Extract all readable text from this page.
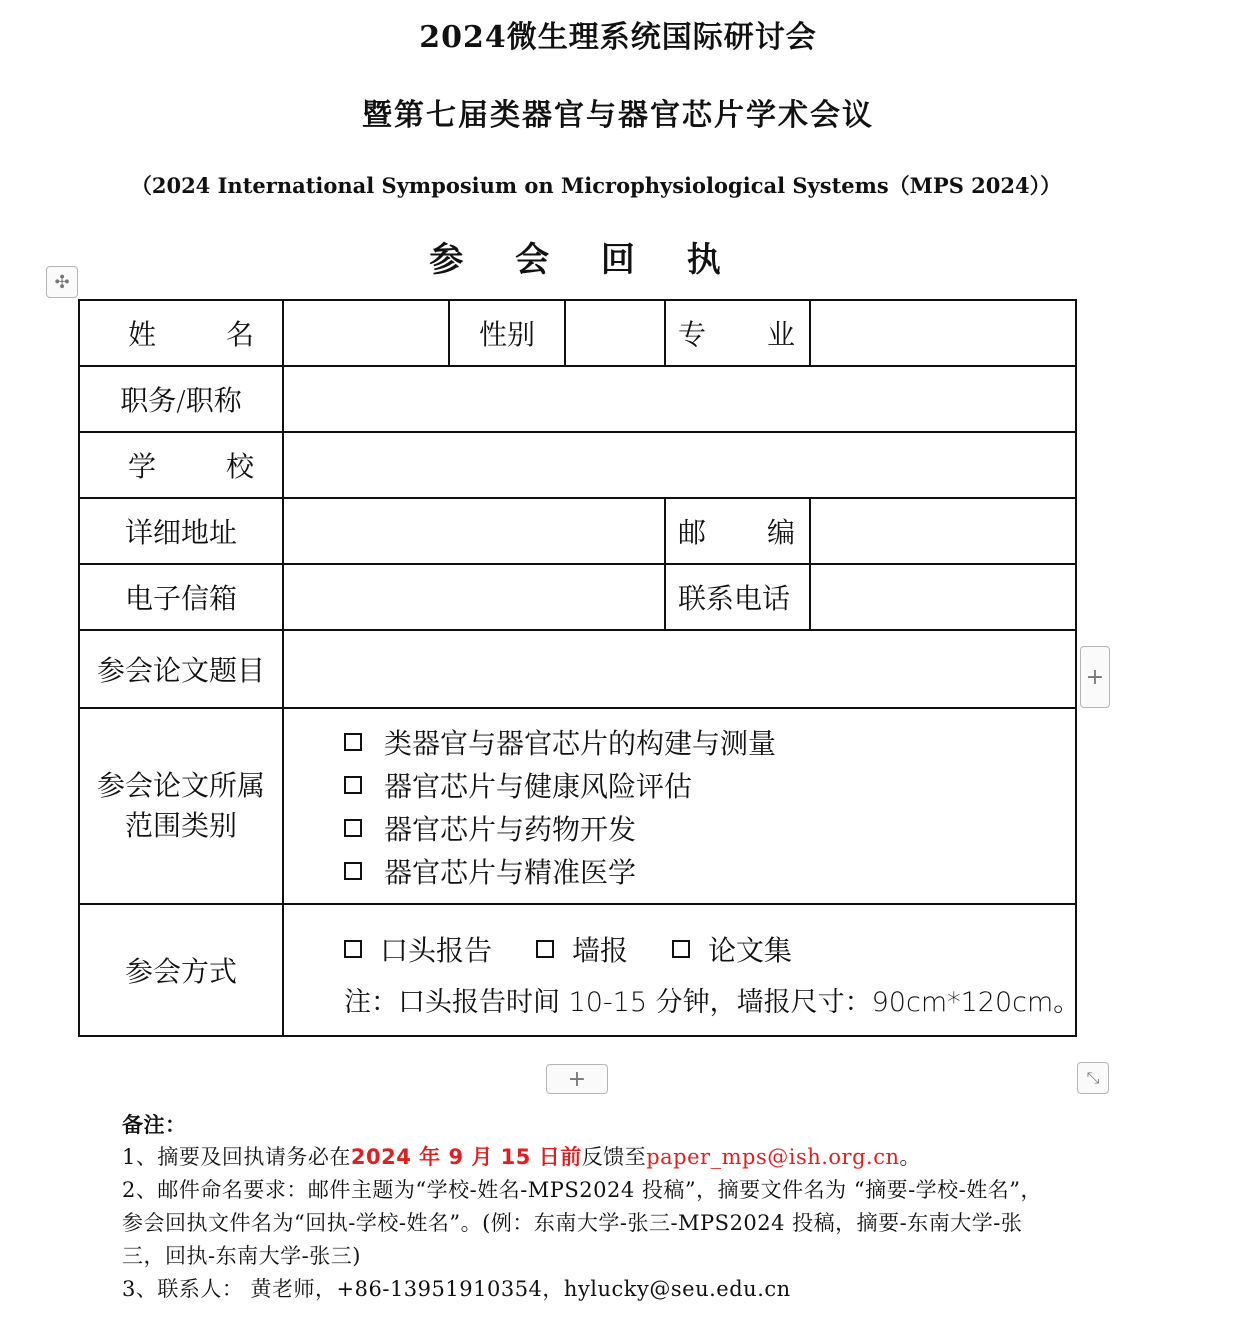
2024微生理系统国际研讨会
暨第七届类器官与器官芯片学术会议
（2024 International Symposium on Microphysiological Systems（MPS 2024））
参 会 回 执
✣
+
+	⤡
姓 名		性别		专 业	

职务/职称					

学 校					

详细地址				邮 编	

电子信箱				联系电话	
参会论文题目					
参会论文所属范围类别	类器官与器官芯片的构建与测量
器官芯片与健康风险评估
器官芯片与药物开发
器官芯片与精准医学				

参会方式	口头报告 墙报 论文集
注：口头报告时间 10-15 分钟，墙报尺寸：90cm*120cm。				
备注：
1、摘要及回执请务必在2024 年 9 月 15 日前反馈至paper_mps@ish.org.cn。
2、邮件命名要求：邮件主题为“学校-姓名-MPS2024 投稿”，摘要文件名为 “摘要-学校-姓名”，参会回执文件名为“回执-学校-姓名”。(例：东南大学-张三-MPS2024 投稿，摘要-东南大学-张三，回执-东南大学-张三)
3、联系人： 黄老师，+86-13951910354，hylucky@seu.edu.cn
